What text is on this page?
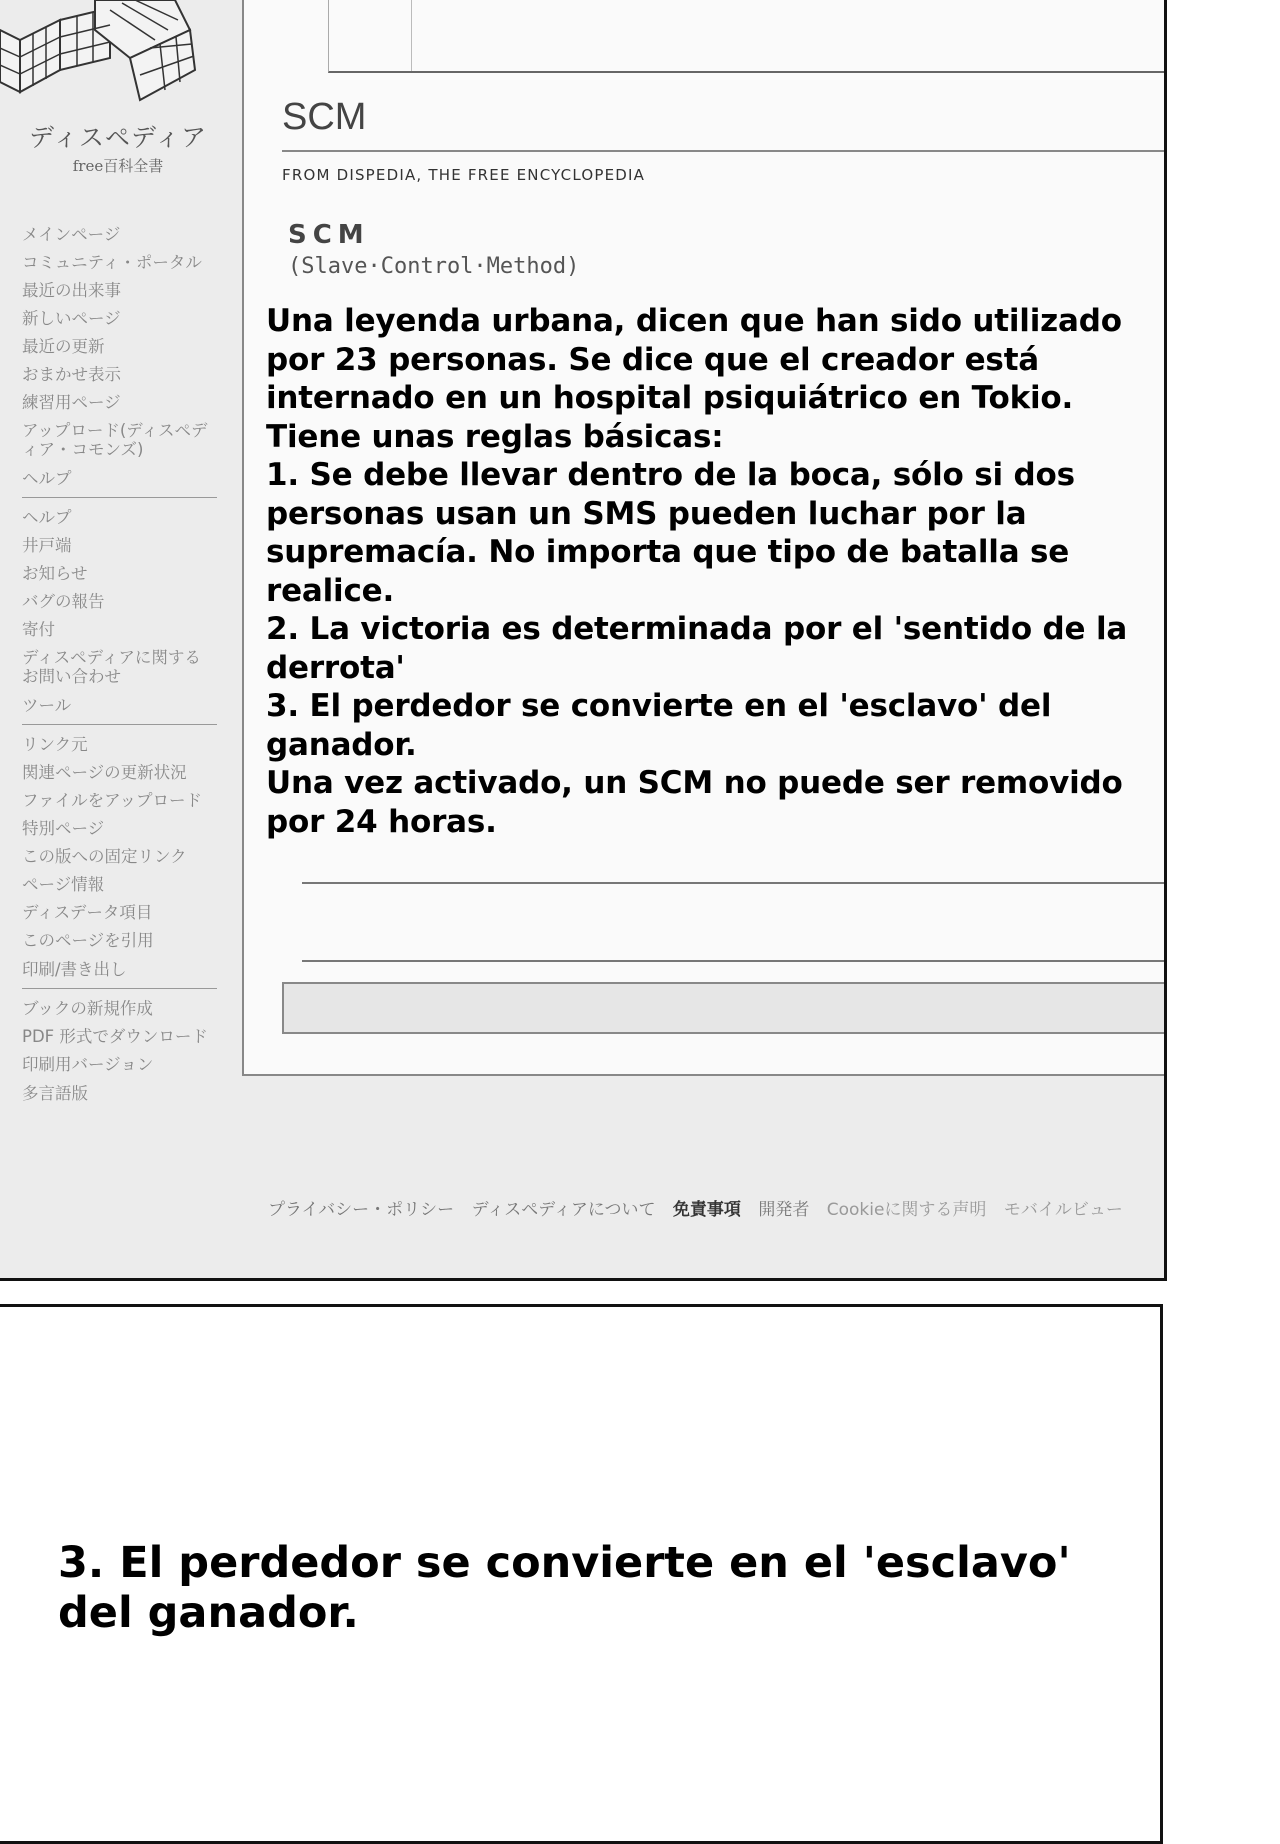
ディスペディア
free百科全書
メインページ
コミュニティ・ポータル
最近の出来事
新しいページ
最近の更新
おまかせ表示
練習用ページ
アップロード(ディスペディア・コモンズ)
ヘルプ
ヘルプ
井戸端
お知らせ
バグの報告
寄付
ディスペディアに関するお問い合わせ
ツール
リンク元
関連ページの更新状況
ファイルをアップロード
特別ページ
この版への固定リンク
ページ情報
ディスデータ項目
このページを引用
印刷/書き出し
ブックの新規作成
PDF 形式でダウンロード
印刷用バージョン
多言語版
SCM
FROM DISPEDIA, THE FREE ENCYCLOPEDIA
SCM
(Slave·Control·Method)

Una leyenda urbana, dicen que han sido utilizado por 23 personas. Se dice que el creador está internado en un hospital psiquiátrico en Tokio.

Tiene unas reglas básicas:

1. Se debe llevar dentro de la boca, sólo si dos personas usan un SMS pueden luchar por la supremacía. No importa que tipo de batalla se realice.

2. La victoria es determinada por el 'sentido de la derrota'

3. El perdedor se convierte en el 'esclavo' del ganador.

Una vez activado, un SCM no puede ser removido por 24 horas.

プライバシー・ポリシー ディスペディアについて 免責事項 開発者 Cookieに関する声明 モバイルビュー
3. El perdedor se convierte en el 'esclavo' del ganador.
